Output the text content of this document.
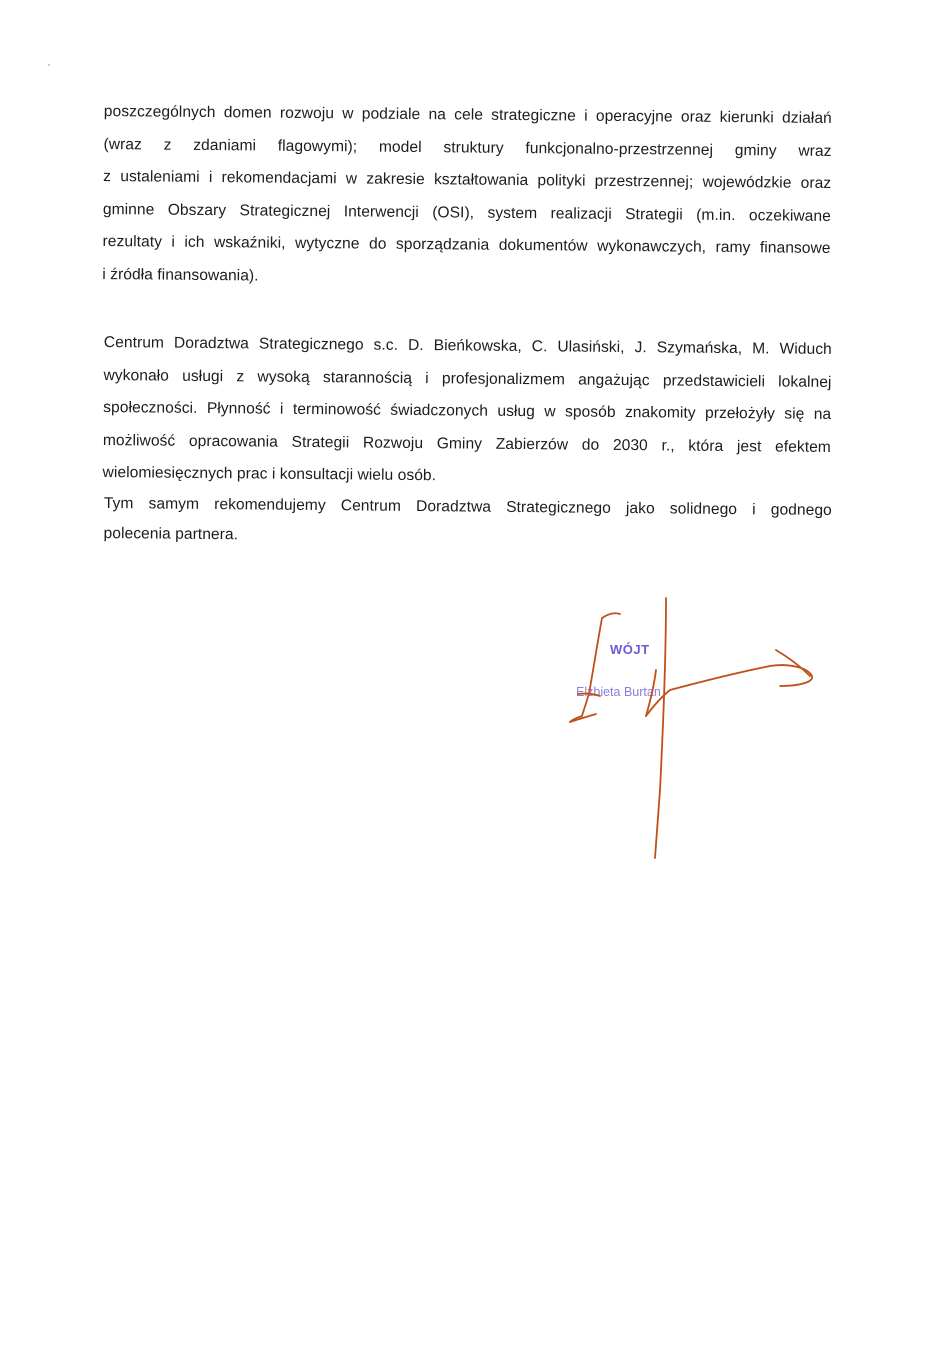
poszczególnych domen rozwoju w podziale na cele strategiczne i operacyjne oraz kierunki działań
(wraz z zdaniami flagowymi); model struktury funkcjonalno-przestrzennej gminy wraz
z ustaleniami i rekomendacjami w zakresie kształtowania polityki przestrzennej; wojewódzkie oraz
gminne Obszary Strategicznej Interwencji (OSI), system realizacji Strategii (m.in. oczekiwane
rezultaty i ich wskaźniki, wytyczne do sporządzania dokumentów wykonawczych, ramy finansowe
i źródła finansowania).
Centrum Doradztwa Strategicznego s.c. D. Bieńkowska, C. Ulasiński, J. Szymańska, M. Widuch
wykonało usługi z wysoką starannością i profesjonalizmem angażując przedstawicieli lokalnej
społeczności. Płynność i terminowość świadczonych usług w sposób znakomity przełożyły się na
możliwość opracowania Strategii Rozwoju Gminy Zabierzów do 2030 r., która jest efektem
wielomiesięcznych prac i konsultacji wielu osób.
Tym samym rekomendujemy Centrum Doradztwa Strategicznego jako solidnego i godnego
polecenia partnera.
WÓJT
Elżbieta Burtan
